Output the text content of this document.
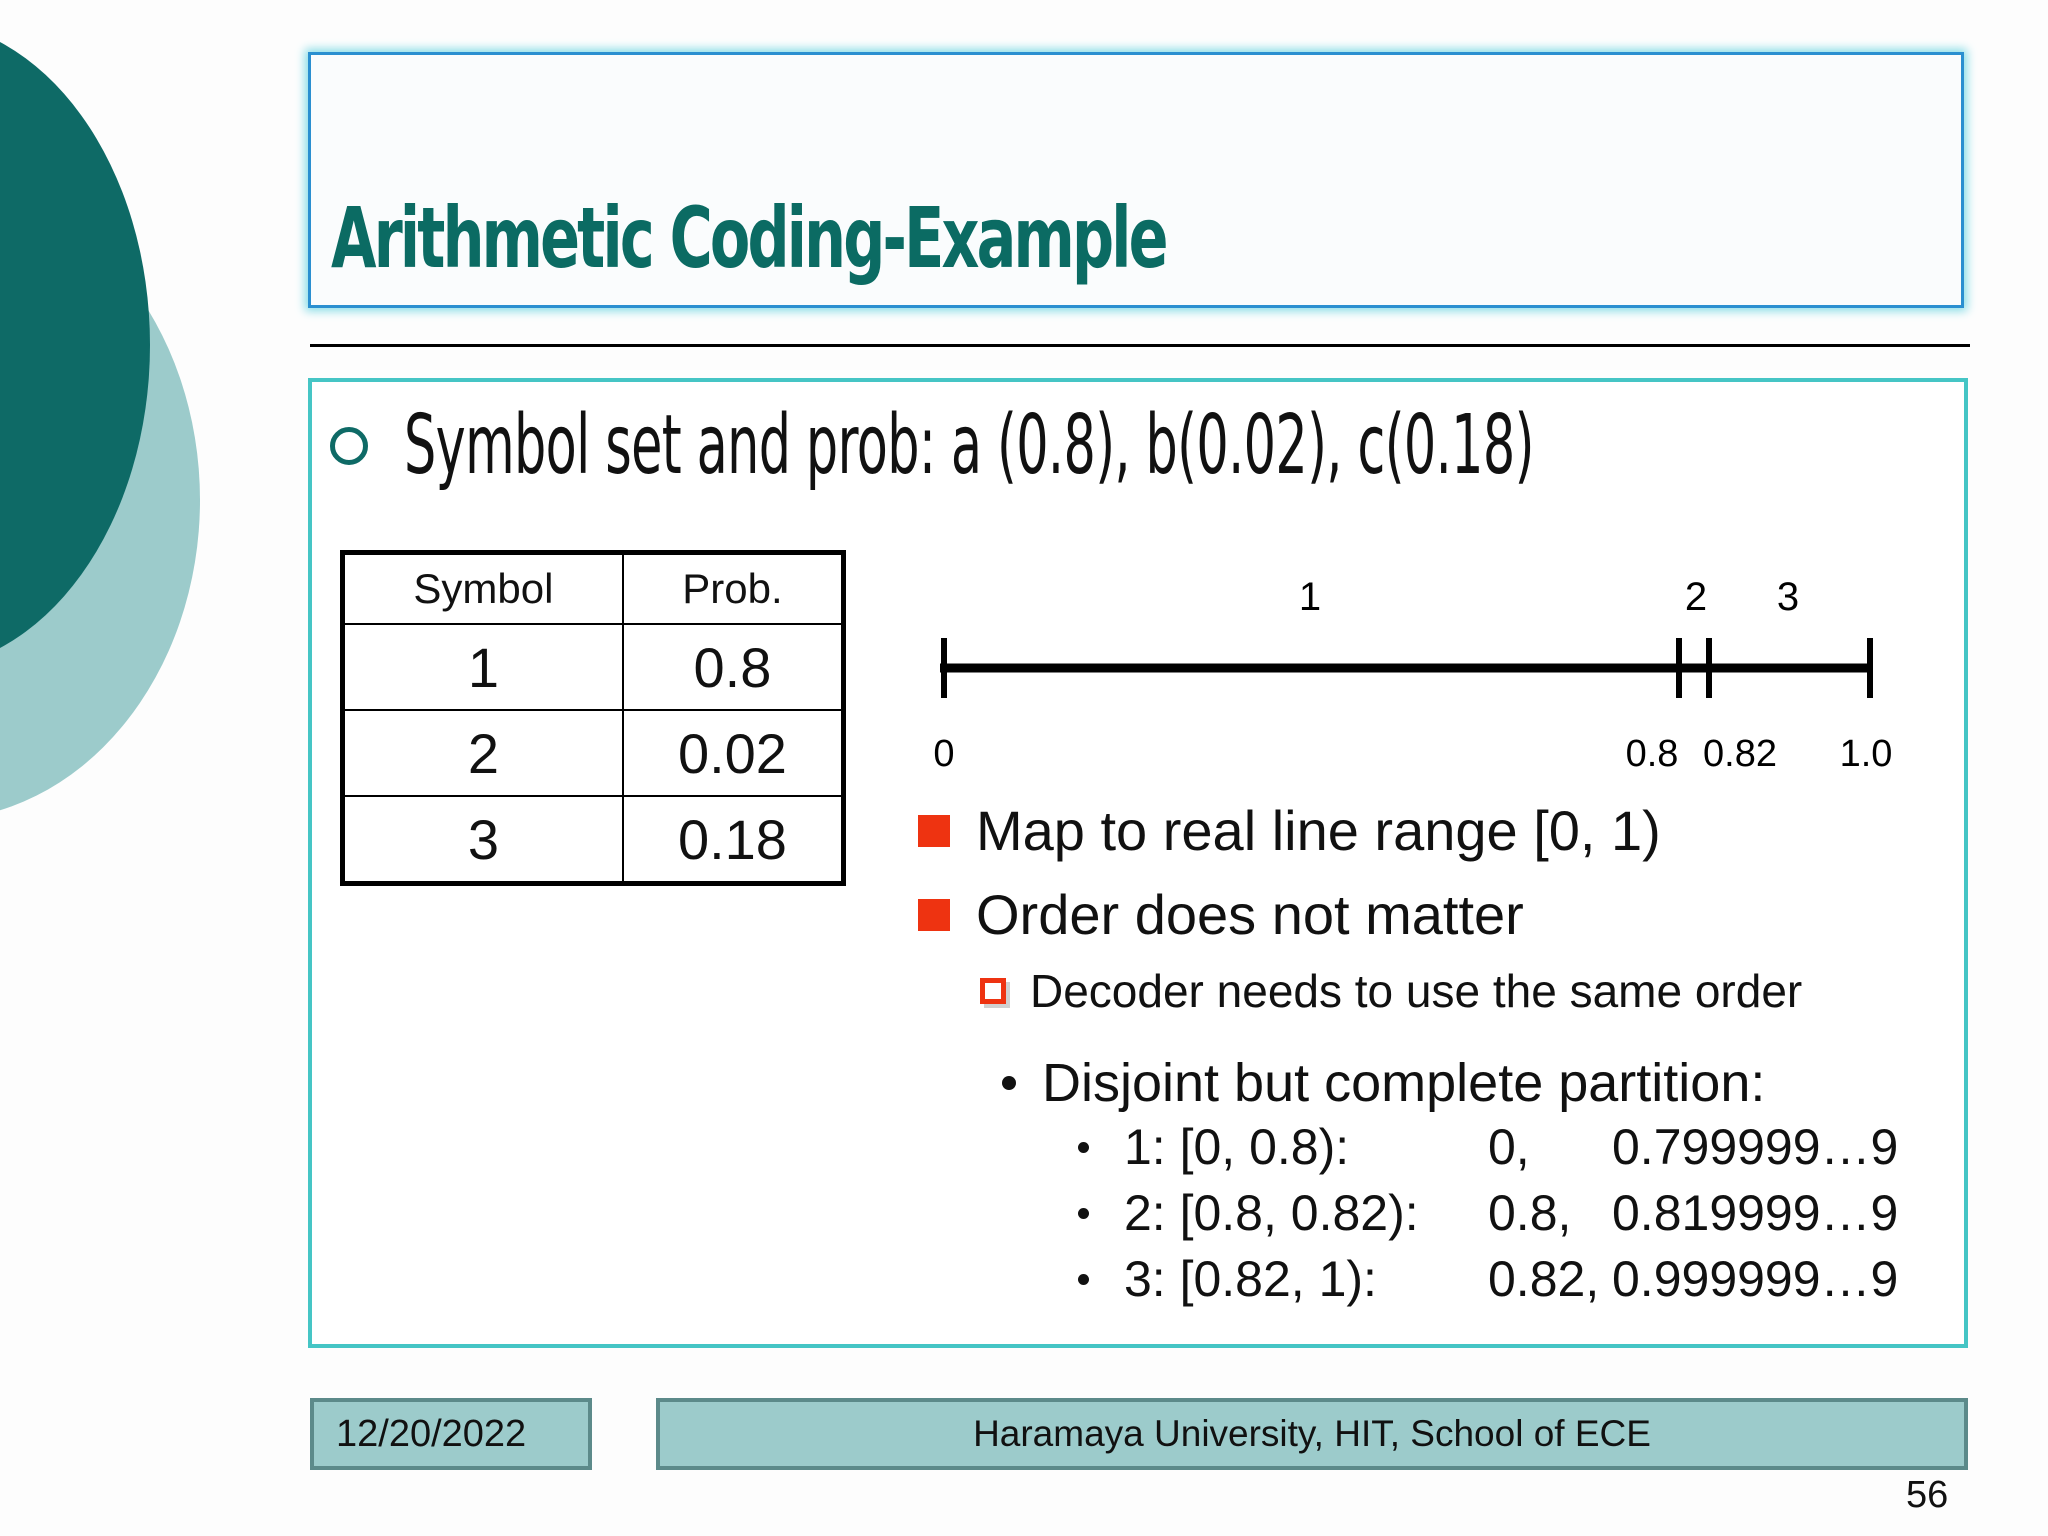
Arithmetic Coding-Example
Symbol set and prob: a (0.8), b(0.02), c(0.18)
Symbol	Prob.
1	0.8
2	0.02
3	0.18
1	2 3
0	0.8 0.82 1.0
Map to real line range [0, 1)
Order does not matter
Decoder needs to use the same order
Disjoint but complete partition:
1: [0, 0.8):	0, 0.799999…9
2: [0.8, 0.82): 0.8, 0.819999…9
3: [0.82, 1): 0.82, 0.999999…9
12/20/2022	Haramaya University, HIT, School of ECE
56
